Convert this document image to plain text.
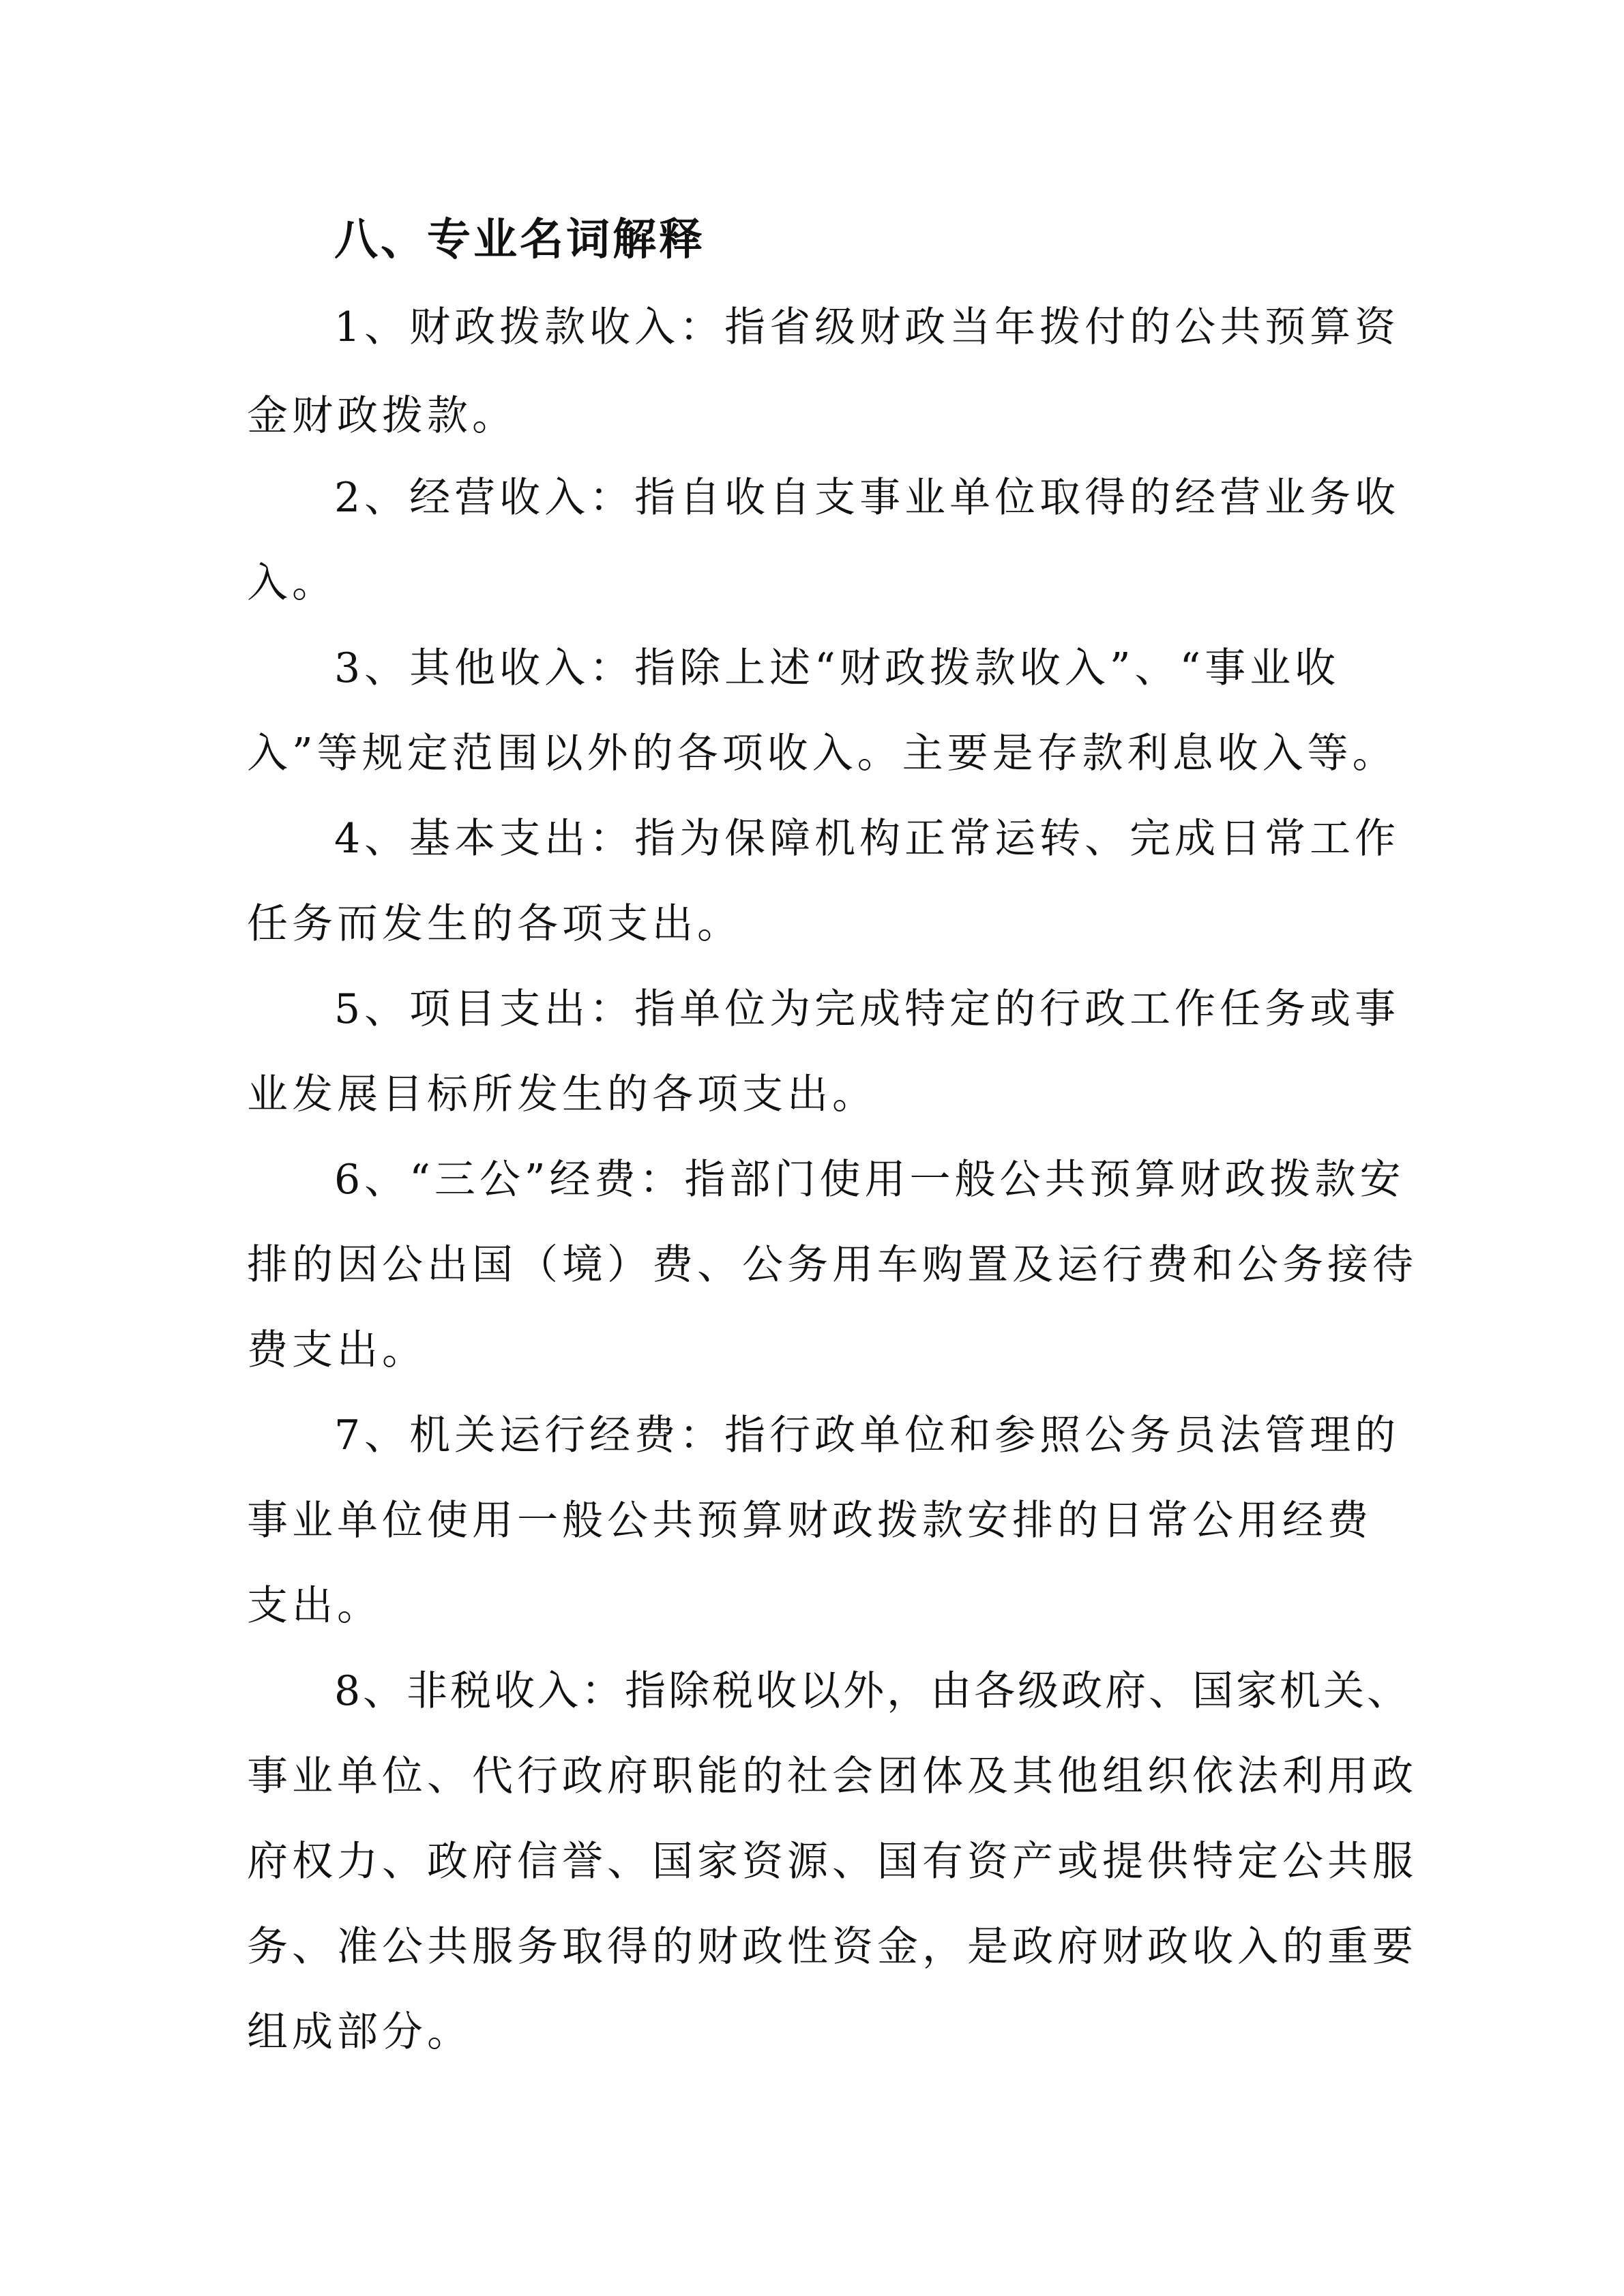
八、专业名词解释
1、财政拨款收入：指省级财政当年拨付的公共预算资
金财政拨款。
2、经营收入：指自收自支事业单位取得的经营业务收
入。
3、其他收入：指除上述“财政拨款收入”、“事业收
入”等规定范围以外的各项收入。主要是存款利息收入等。
4、基本支出：指为保障机构正常运转、完成日常工作
任务而发生的各项支出。
5、项目支出：指单位为完成特定的行政工作任务或事
业发展目标所发生的各项支出。
6、“三公”经费：指部门使用一般公共预算财政拨款安
排的因公出国（境）费、公务用车购置及运行费和公务接待
费支出。
7、机关运行经费：指行政单位和参照公务员法管理的
事业单位使用一般公共预算财政拨款安排的日常公用经费
支出。
8、非税收入：指除税收以外，由各级政府、国家机关、
事业单位、代行政府职能的社会团体及其他组织依法利用政
府权力、政府信誉、国家资源、国有资产或提供特定公共服
务、准公共服务取得的财政性资金，是政府财政收入的重要
组成部分。
